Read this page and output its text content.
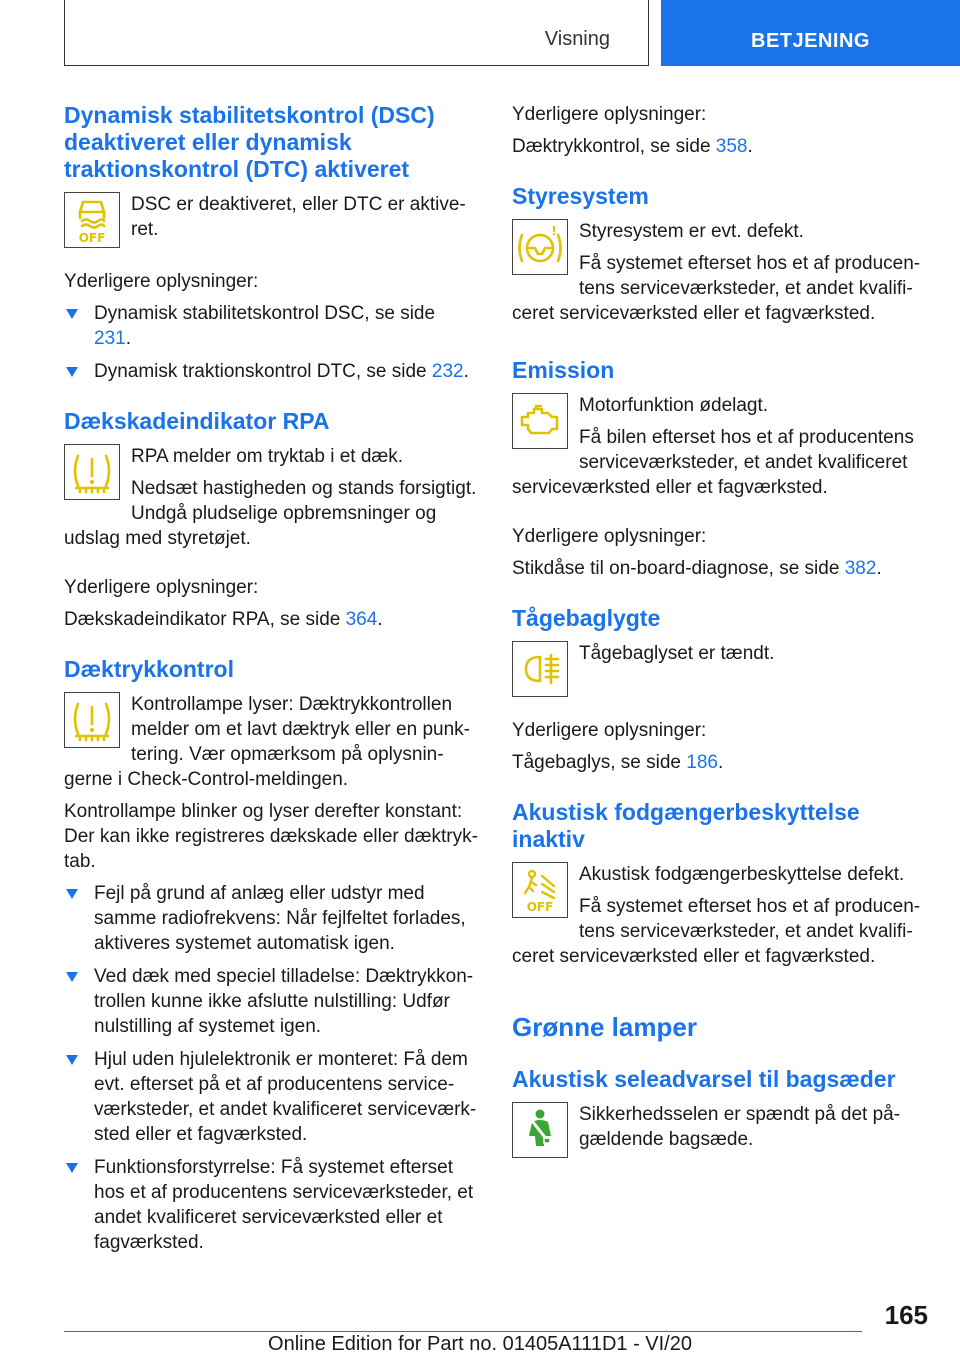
Visning	BETJENING
Dynamisk stabilitetskontrol (DSC) deaktiveret eller dynamisk traktionskontrol (DTC) aktiveret
OFF

DSC er deaktiveret, eller DTC er aktiveret.

Yderligere oplysninger:

Dynamisk stabilitetskontrol DSC, se side
231.
Dynamisk traktionskontrol DTC, se side 232.
Dækskadeindikator RPA

RPA melder om tryktab i et dæk.

Nedsæt hastigheden og stands forsigtigt. Undgå pludselige opbremsninger og udslag med styretøjet.

Yderligere oplysninger:

Dækskadeindikator RPA, se side 364.

Dæktrykkontrol

Kontrollampe lyser: Dæktrykkontrollen melder om et lavt dæktryk eller en punktering. Vær opmærksom på oplysningerne i Check-Control-meldingen.

Kontrollampe blinker og lyser derefter konstant: Der kan ikke registreres dækskade eller dæktryktab.

Fejl på grund af anlæg eller udstyr med samme radiofrekvens: Når fejlfeltet forlades, aktiveres systemet automatisk igen.
Ved dæk med speciel tilladelse: Dæktrykkontrollen kunne ikke afslutte nulstilling: Udfør nulstilling af systemet igen.
Hjul uden hjulelektronik er monteret: Få dem evt. efterset på et af producentens serviceværksteder, et andet kvalificeret serviceværksted eller et fagværksted.
Funktionsforstyrrelse: Få systemet efterset hos et af producentens serviceværksteder, et andet kvalificeret serviceværksted eller et fagværksted.

Yderligere oplysninger:

Dæktrykkontrol, se side 358.

Styresystem
!	Styresystem er evt. defekt.

Få systemet efterset hos et af producentens serviceværksteder, et andet kvalificeret serviceværksted eller et fagværksted.

Emission

Motorfunktion ødelagt.

Få bilen efterset hos et af producentens serviceværksteder, et andet kvalificeret serviceværksted eller et fagværksted.

Yderligere oplysninger:

Stikdåse til on-board-diagnose, se side 382.

Tågebaglygte

Tågebaglyset er tændt.

Yderligere oplysninger:

Tågebaglys, se side 186.

Akustisk fodgængerbeskyttelse inaktiv
OFF

Akustisk fodgængerbeskyttelse defekt.

Få systemet efterset hos et af producentens serviceværksteder, et andet kvalificeret serviceværksted eller et fagværksted.

Grønne lamper
Akustisk seleadvarsel til bagsæder

Sikkerhedsselen er spændt på det pågældende bagsæde.

165
Online Edition for Part no. 01405A111D1 - VI/20
